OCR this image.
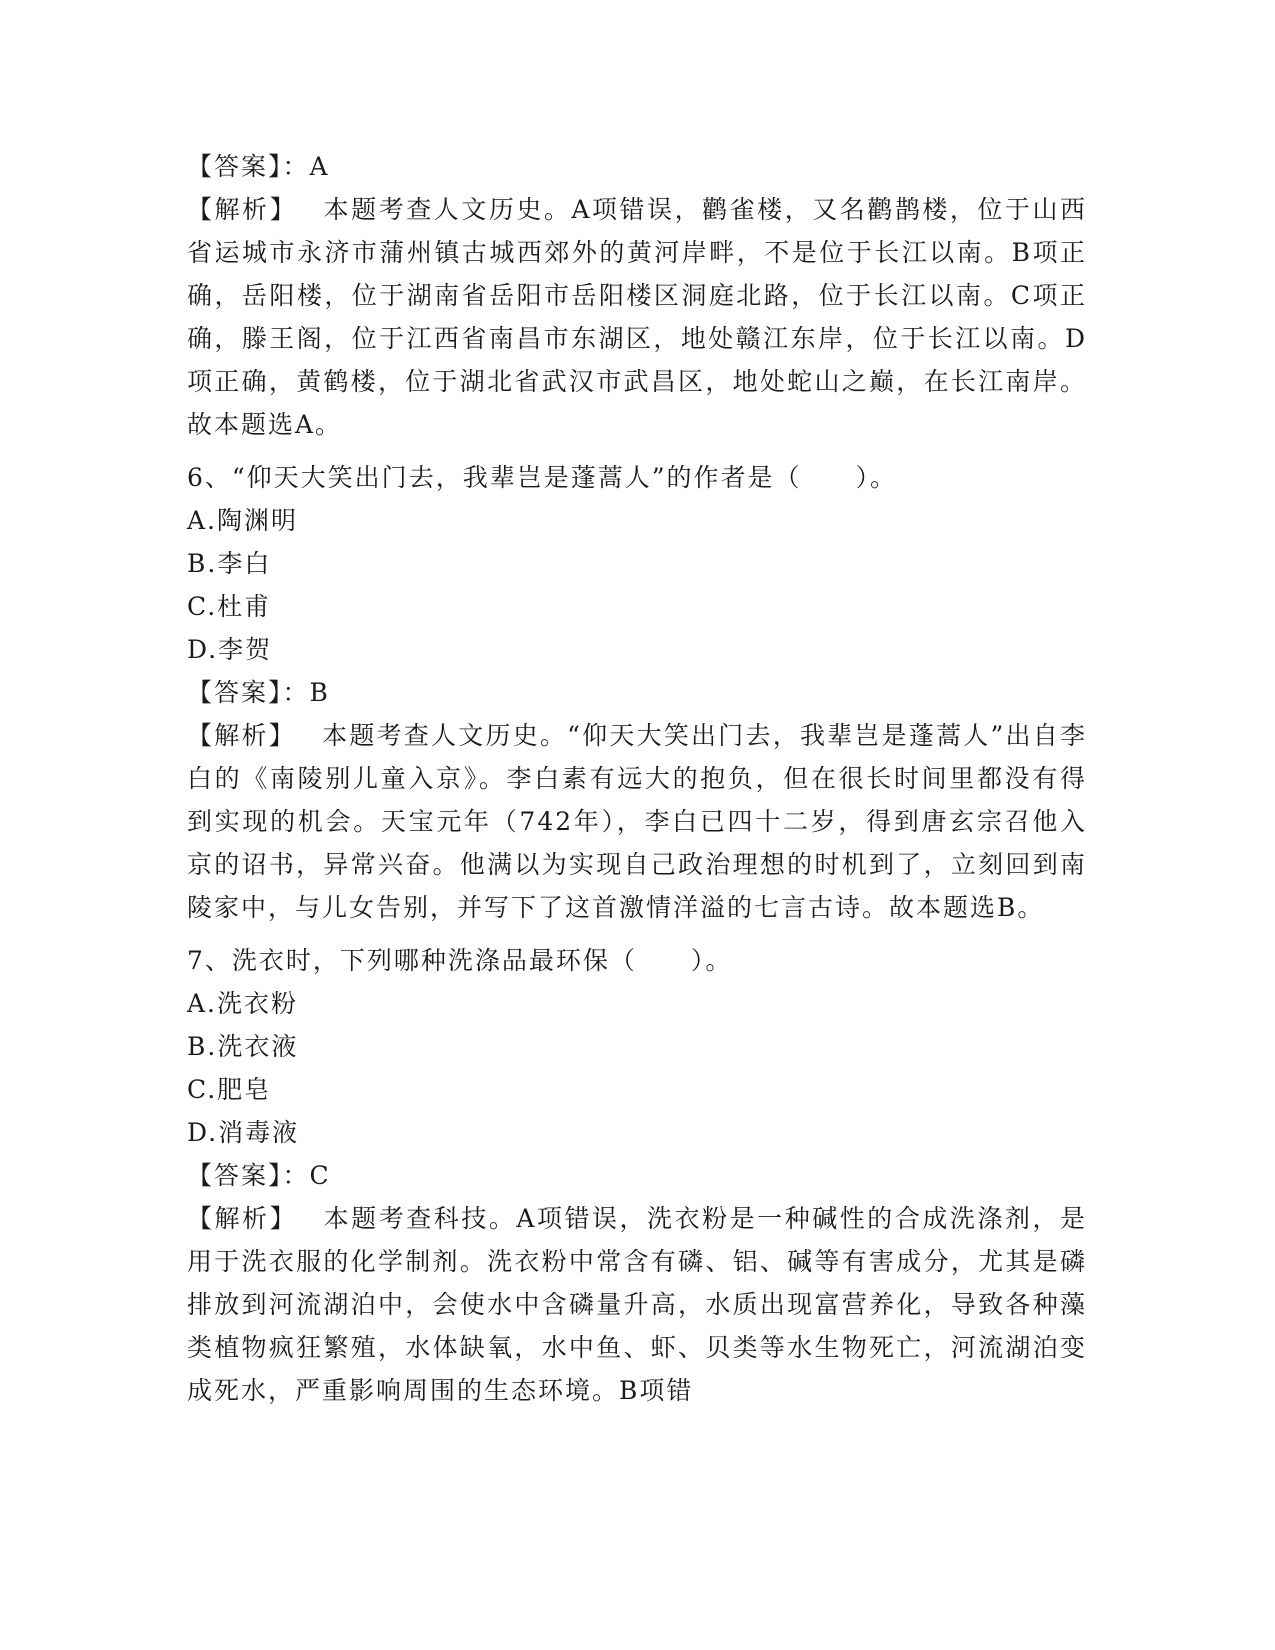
【答案】：A
【解析】 本题考查人文历史。A项错误，鹳雀楼，又名鹳鹊楼，位于山西省运城市永济市蒲州镇古城西郊外的黄河岸畔，不是位于长江以南。B项正确，岳阳楼，位于湖南省岳阳市岳阳楼区洞庭北路，位于长江以南。C项正确，滕王阁，位于江西省南昌市东湖区，地处赣江东岸，位于长江以南。D项正确，黄鹤楼，位于湖北省武汉市武昌区，地处蛇山之巅，在长江南岸。故本题选A。
6、“仰天大笑出门去，我辈岂是蓬蒿人”的作者是（　　）。
A.陶渊明
B.李白
C.杜甫
D.李贺
【答案】：B
【解析】 本题考查人文历史。“仰天大笑出门去，我辈岂是蓬蒿人”出自李白的《南陵别儿童入京》。李白素有远大的抱负，但在很长时间里都没有得到实现的机会。天宝元年（742年），李白已四十二岁，得到唐玄宗召他入京的诏书，异常兴奋。他满以为实现自己政治理想的时机到了，立刻回到南陵家中，与儿女告别，并写下了这首激情洋溢的七言古诗。故本题选B。
7、洗衣时，下列哪种洗涤品最环保（　　）。
A.洗衣粉
B.洗衣液
C.肥皂
D.消毒液
【答案】：C
【解析】 本题考查科技。A项错误，洗衣粉是一种碱性的合成洗涤剂，是用于洗衣服的化学制剂。洗衣粉中常含有磷、铝、碱等有害成分，尤其是磷排放到河流湖泊中，会使水中含磷量升高，水质出现富营养化，导致各种藻类植物疯狂繁殖，水体缺氧，水中鱼、虾、贝类等水生物死亡，河流湖泊变成死水，严重影响周围的生态环境。B项错
